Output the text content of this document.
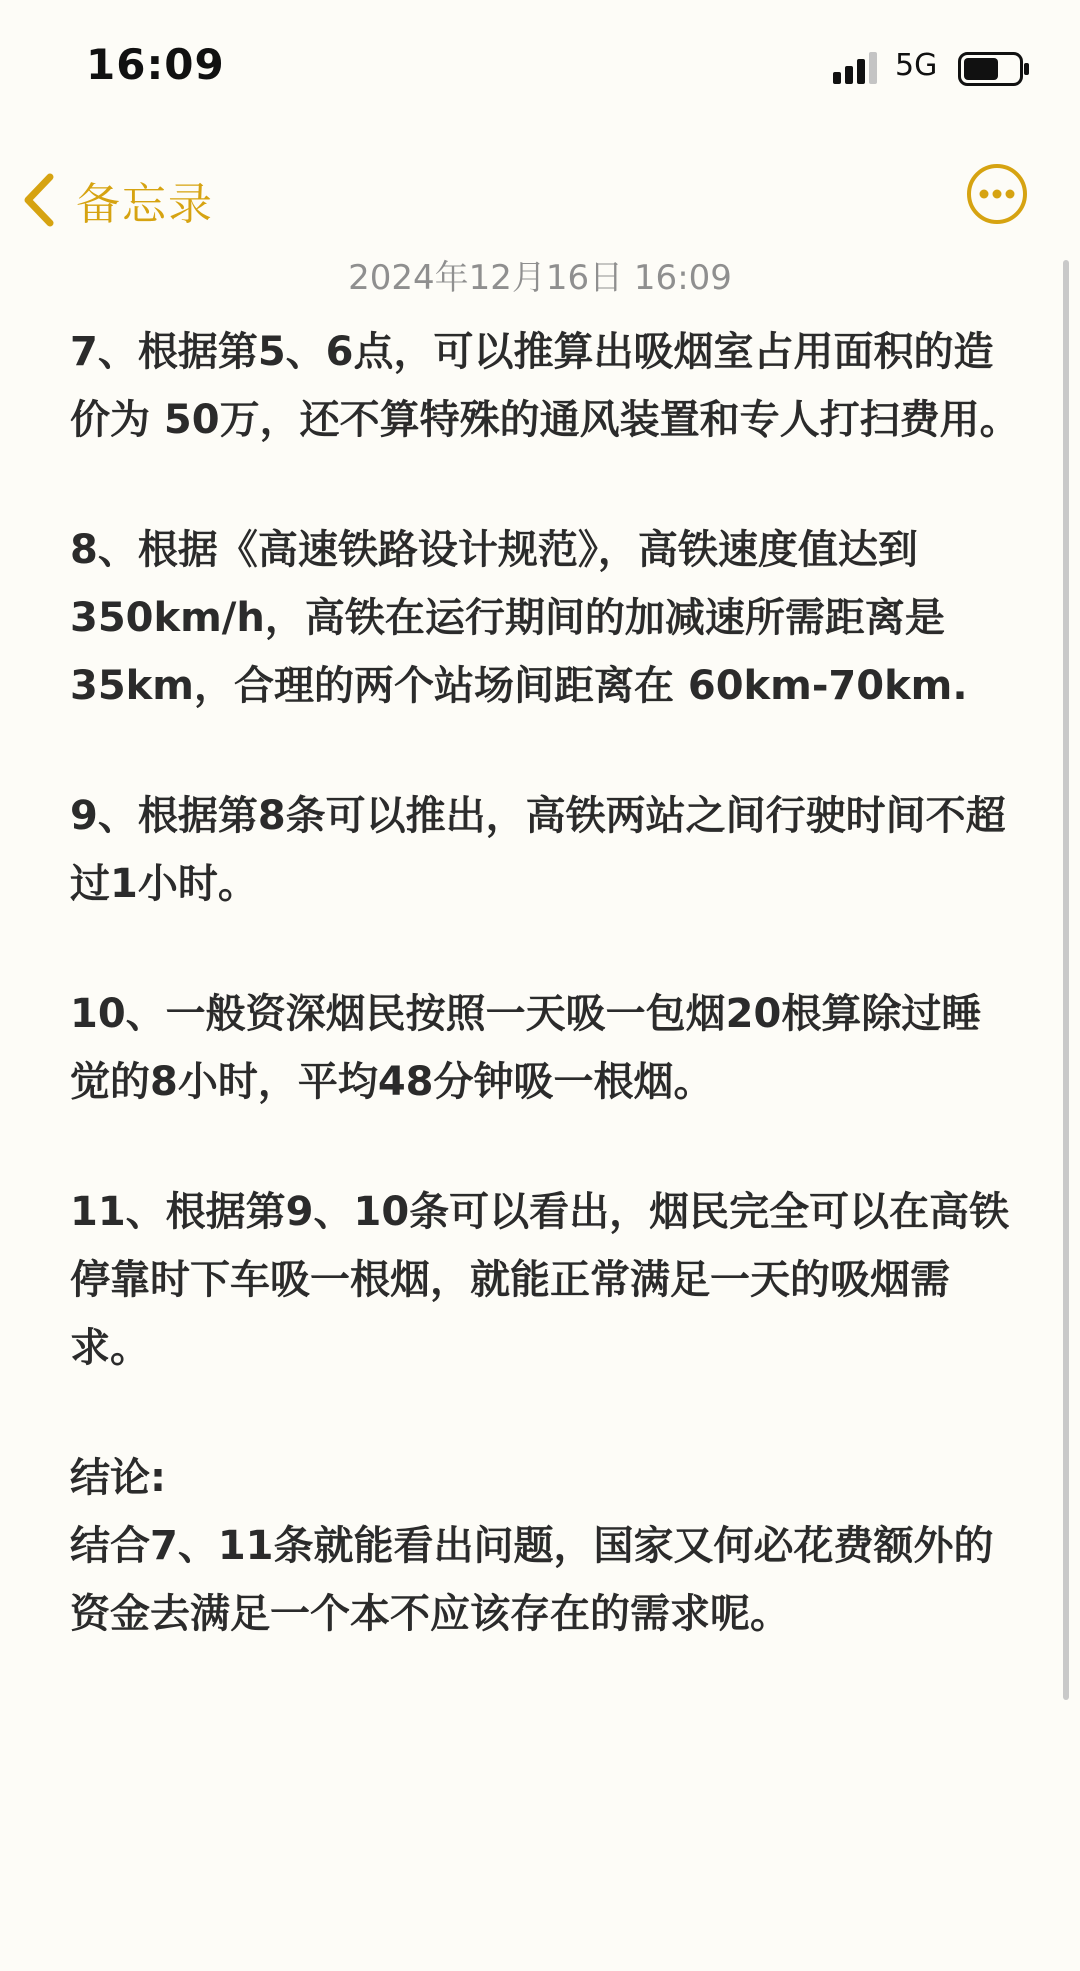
16:09	5G
备忘录
2024年12月16日 16:09

7、根据第5、6点，可以推算出吸烟室占用面积的造价为 50万，还不算特殊的通风装置和专人打扫费用。

8、根据《高速铁路设计规范》，高铁速度值达到 350km/h，高铁在运行期间的加减速所需距离是 35km，合理的两个站场间距离在 60km-70km.

9、根据第8条可以推出，高铁两站之间行驶时间不超过1小时。

10、一般资深烟民按照一天吸一包烟20根算除过睡觉的8小时，平均48分钟吸一根烟。

11、根据第9、10条可以看出，烟民完全可以在高铁停靠时下车吸一根烟，就能正常满足一天的吸烟需求。

结论:

结合7、11条就能看出问题，国家又何必花费额外的资金去满足一个本不应该存在的需求呢。
